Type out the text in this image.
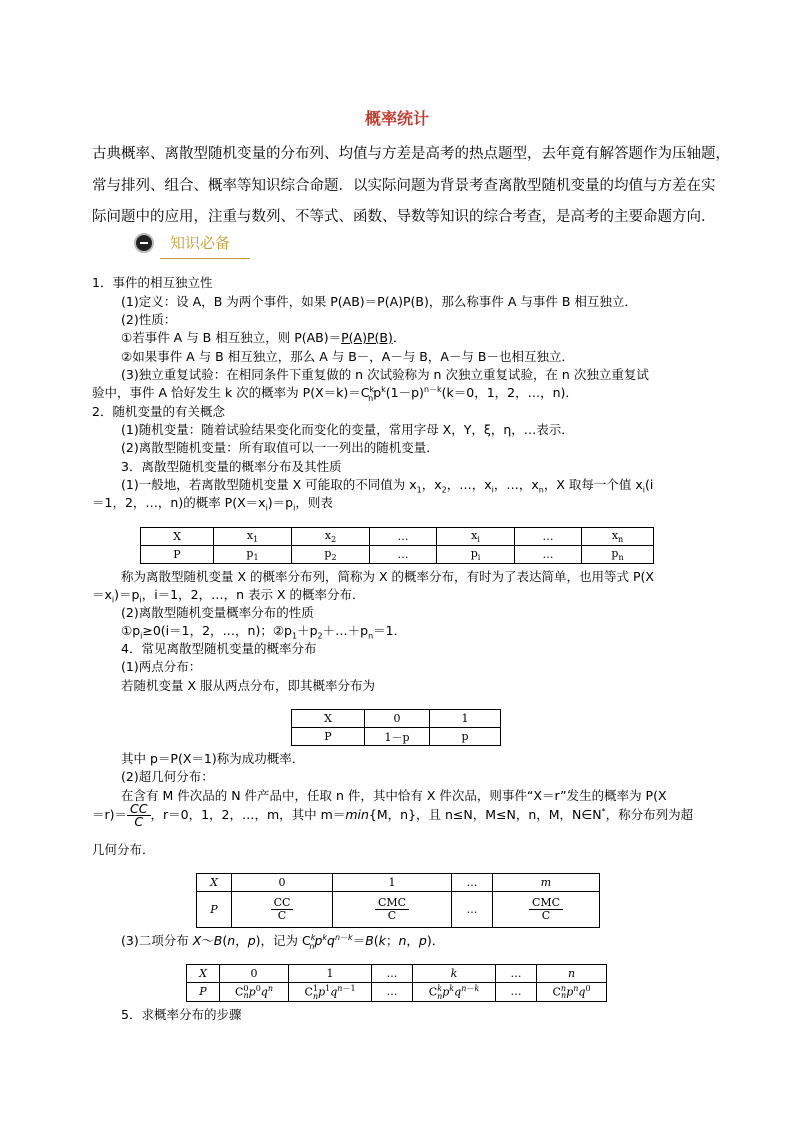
概率统计
古典概率、离散型随机变量的分布列、均值与方差是高考的热点题型，去年竟有解答题作为压轴题，
常与排列、组合、概率等知识综合命题．以实际问题为背景考查离散型随机变量的均值与方差在实
际问题中的应用，注重与数列、不等式、函数、导数等知识的综合考查，是高考的主要命题方向．
知识必备
1．事件的相互独立性
(1)定义：设 A，B 为两个事件，如果 P(AB)＝P(A)P(B)，那么称事件 A 与事件 B 相互独立．
(2)性质：
①若事件 A 与 B 相互独立，则 P(AB)＝P(A)P(B)．
②如果事件 A 与 B 相互独立，那么 A 与 B－，A－与 B，A－与 B－也相互独立．
(3)独立重复试验：在相同条件下重复做的 n 次试验称为 n 次独立重复试验，在 n 次独立重复试
验中，事件 A 恰好发生 k 次的概率为 $P(X=k)=C^k_np^k(1-p)^{n-k}(k=0$，1，2，…，n)．
2．随机变量的有关概念
(1)随机变量：随着试验结果变化而变化的变量，常用字母 X，Y，ξ，η，…表示．
(2)离散型随机变量：所有取值可以一一列出的随机变量．
3．离散型随机变量的概率分布及其性质
(1)一般地，若离散型随机变量 X 可能取的不同值为 $x_1$，$x_2$，…，$x_i$，…，$x_n$，X 取每一个值 $x_i(i$
＝1，2，…，n)的概率 $P(X=x_i)=p_i$，则表
X	$x_1$	$x_2$	…	$x_i$	…	$x_n$
P	$p_1$	$p_2$	…	$p_i$	…	$p_n$
称为离散型随机变量 X 的概率分布列，简称为 X 的概率分布，有时为了表达简单，也用等式 P(X
$=x_i)=p_i$，i＝1，2，…，n 表示 X 的概率分布．
(2)离散型随机变量概率分布的性质
$①p_i\ge 0(i=1$，2，…，n)；$②p_1+p_2+\dots+p_n=1$．
4．常见离散型随机变量的概率分布
(1)两点分布：
若随机变量 X 服从两点分布，即其概率分布为
X	0	1
P	1－p	p
其中 p＝P(X＝1)称为成功概率．
(2)超几何分布：
在含有 M 件次品的 N 件产品中，任取 n 件，其中恰有 X 件次品，则事件“X＝r”发生的概率为 P(X
$=r)= \frac{CC}{C}$ ，r＝0，1，2，…，m，其中 m＝min{M，n}，且 n≤N，M≤N，n，M，N∈N*，称分布列为超
几何分布．
X	0	1	…	m
P	$\frac{CC}{C}$	$\frac{\text{CMC}}{C}$	…	$\frac{\text{CMC}}{C}$
(3)二项分布 X～B(n，p)，记为 $C^k_np^kq^{n-k}=B(k$；n，p)．
X	0	1	…	k	…	n
P	$C^0_np^0q^n$	$C^1_np^1q^{n-1}$	…	$C^k_np^kq^{n-k}$	…	$C^n_np^nq^0$
5．求概率分布的步骤
